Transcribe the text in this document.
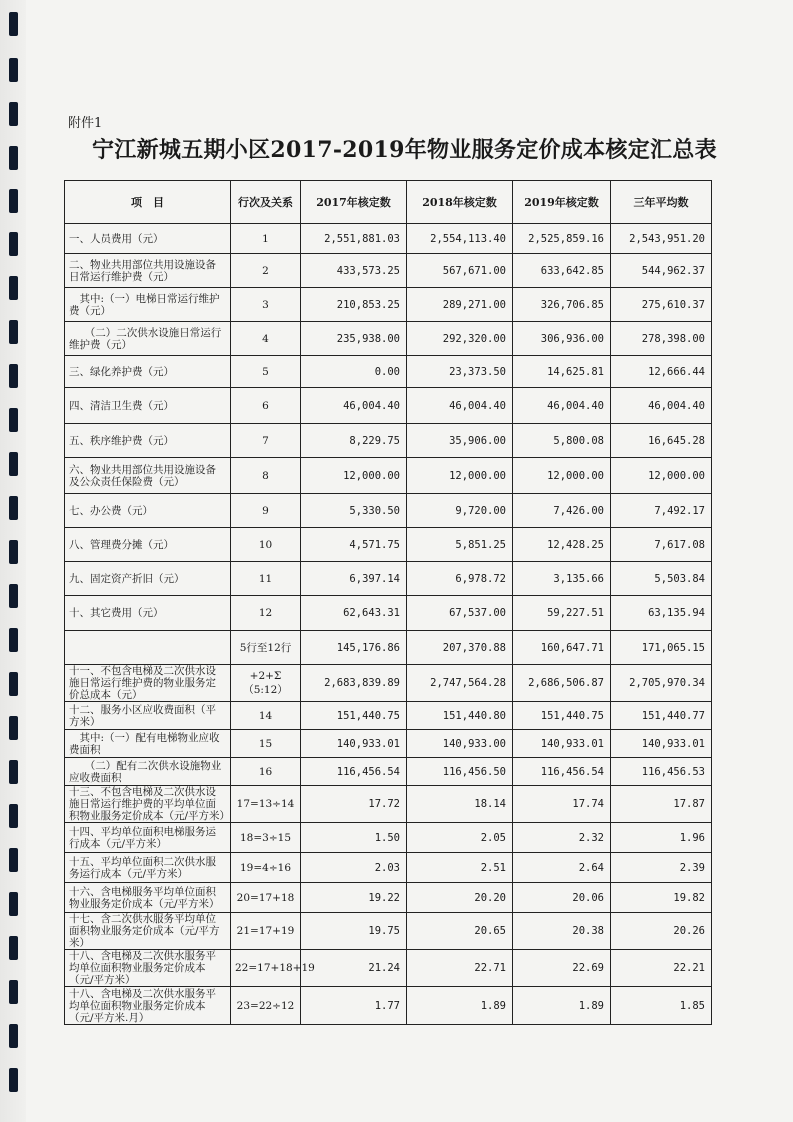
附件1
宁江新城五期小区2017-2019年物业服务定价成本核定汇总表
项　目	行次及关系	2017年核定数	2018年核定数	2019年核定数	三年平均数
一、人员费用（元）	1	2,551,881.03	2,554,113.40	2,525,859.16	2,543,951.20
二、物业共用部位共用设施设备日常运行维护费（元）	2	433,573.25	567,671.00	633,642.85	544,962.37
　其中:（一）电梯日常运行维护费（元）	3	210,853.25	289,271.00	326,706.85	275,610.37
　　（二）二次供水设施日常运行维护费（元）	4	235,938.00	292,320.00	306,936.00	278,398.00
三、绿化养护费（元）	5	0.00	23,373.50	14,625.81	12,666.44
四、清洁卫生费（元）	6	46,004.40	46,004.40	46,004.40	46,004.40
五、秩序维护费（元）	7	8,229.75	35,906.00	5,800.08	16,645.28
六、物业共用部位共用设施设备及公众责任保险费（元）	8	12,000.00	12,000.00	12,000.00	12,000.00
七、办公费（元）	9	5,330.50	9,720.00	7,426.00	7,492.17
八、管理费分摊（元）	10	4,571.75	5,851.25	12,428.25	7,617.08
九、固定资产折旧（元）	11	6,397.14	6,978.72	3,135.66	5,503.84
十、其它费用（元）	12	62,643.31	67,537.00	59,227.51	63,135.94
	5行至12行	145,176.86	207,370.88	160,647.71	171,065.15
十一、不包含电梯及二次供水设施日常运行维护费的物业服务定价总成本（元）	+2+Σ（5:12）	2,683,839.89	2,747,564.28	2,686,506.87	2,705,970.34
十二、服务小区应收费面积（平方米）	14	151,440.75	151,440.80	151,440.75	151,440.77
　其中:（一）配有电梯物业应收费面积	15	140,933.01	140,933.00	140,933.01	140,933.01
　　（二）配有二次供水设施物业应收费面积	16	116,456.54	116,456.50	116,456.54	116,456.53
十三、不包含电梯及二次供水设施日常运行维护费的平均单位面积物业服务定价成本（元/平方米）	17=13÷14	17.72	18.14	17.74	17.87
十四、平均单位面积电梯服务运行成本（元/平方米）	18=3÷15	1.50	2.05	2.32	1.96
十五、平均单位面积二次供水服务运行成本（元/平方米）	19=4÷16	2.03	2.51	2.64	2.39
十六、含电梯服务平均单位面积物业服务定价成本（元/平方米）	20=17+18	19.22	20.20	20.06	19.82
十七、含二次供水服务平均单位面积物业服务定价成本（元/平方米）	21=17+19	19.75	20.65	20.38	20.26
十八、含电梯及二次供水服务平均单位面积物业服务定价成本（元/平方米）	22=17+18+19	21.24	22.71	22.69	22.21
十八、含电梯及二次供水服务平均单位面积物业服务定价成本（元/平方米.月）	23=22÷12	1.77	1.89	1.89	1.85
